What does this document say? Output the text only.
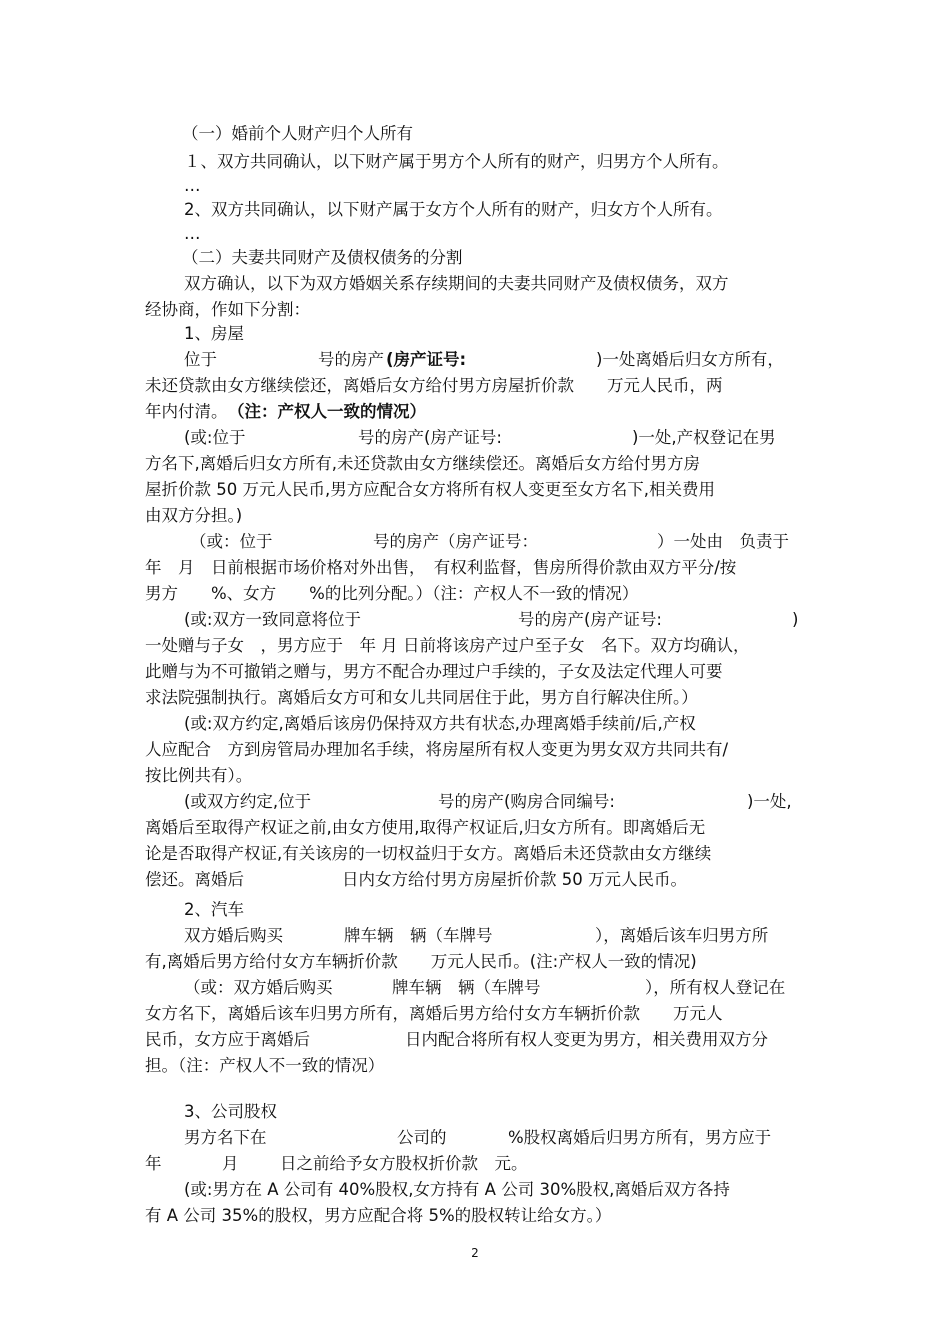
（一）婚前个人财产归个人所有
１、双方共同确认，以下财产属于男方个人所有的财产，归男方个人所有。
…
2、双方共同确认，以下财产属于女方个人所有的财产，归女方个人所有。
…
（二）夫妻共同财产及债权债务的分割
双方确认，以下为双方婚姻关系存续期间的夫妻共同财产及债权债务，双方
经协商，作如下分割：
1、房屋
位于	号的房产 (房产证号:	)一处离婚后归女方所有，
未还贷款由女方继续偿还，离婚后女方给付男方房屋折价款　　万元人民币，两
年内付清。 （注：产权人一致的情况）
(或:位于	号的房产(房产证号:	)一处,产权登记在男
方名下,离婚后归女方所有,未还贷款由女方继续偿还。离婚后女方给付男方房
屋折价款 50 万元人民币,男方应配合女方将所有权人变更至女方名下,相关费用
由双方分担。)
（或：位于	号的房产（房产证号：	）一处由　负责于
年　月　日前根据市场价格对外出售，　有权利监督，售房所得价款由双方平分/按
男方　　%、女方　　%的比列分配。）（注：产权人不一致的情况）
(或:双方一致同意将位于	号的房产(房产证号:	)
一处赠与子女　，男方应于　年 月 日前将该房产过户至子女　名下。双方均确认，
此赠与为不可撤销之赠与，男方不配合办理过户手续的，子女及法定代理人可要
求法院强制执行。离婚后女方可和女儿共同居住于此，男方自行解决住所。）
(或:双方约定,离婚后该房仍保持双方共有状态,办理离婚手续前/后,产权
人应配合　方到房管局办理加名手续，将房屋所有权人变更为男女双方共同共有/
按比例共有）。
(或双方约定,位于	号的房产(购房合同编号:	)一处,
离婚后至取得产权证之前,由女方使用,取得产权证后,归女方所有。即离婚后无
论是否取得产权证,有关该房的一切权益归于女方。离婚后未还贷款由女方继续
偿还。离婚后	日内女方给付男方房屋折价款 50 万元人民币。
2、汽车
双方婚后购买	牌车辆　辆（车牌号	），离婚后该车归男方所
有,离婚后男方给付女方车辆折价款　　万元人民币。(注:产权人一致的情况)
（或：双方婚后购买	牌车辆　辆（车牌号	），所有权人登记在
女方名下，离婚后该车归男方所有，离婚后男方给付女方车辆折价款　　万元人
民币，女方应于离婚后	日内配合将所有权人变更为男方，相关费用双方分
担。（注：产权人不一致的情况）
3、公司股权
男方名下在	公司的	%股权离婚后归男方所有，男方应于
年	月	日之前给予女方股权折价款　元。
(或:男方在 A 公司有 40%股权,女方持有 A 公司 30%股权,离婚后双方各持
有 A 公司 35%的股权，男方应配合将 5%的股权转让给女方。）
2
